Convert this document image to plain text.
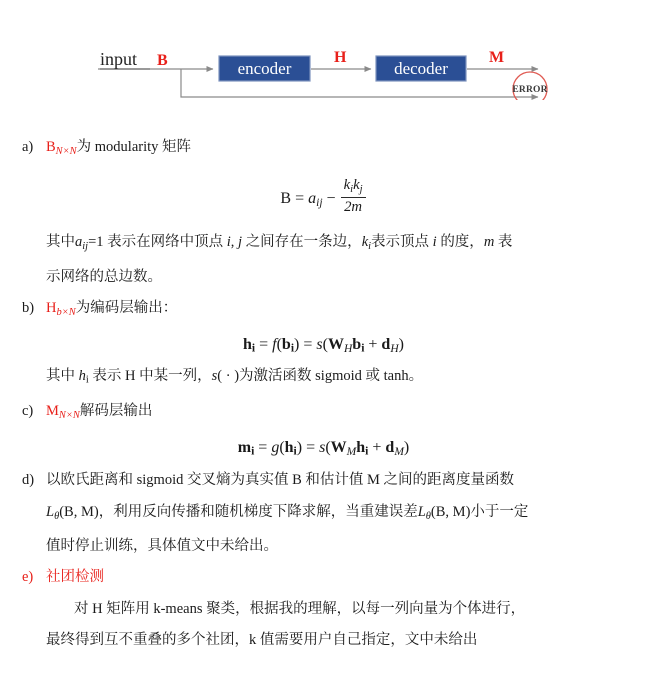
encoder	decoder
ERROR
input B	H	M
a) $B_{N\times N}$为 modularity 矩阵
$B = a_{ij} - \frac{k_ik_j}{2m}$

其中$a_{ij}=1$ 表示在网络中顶点 i, j 之间存在一条边，$k_i$表示顶点 i 的度，m 表
示网络的总边数。

b) $H_{b\times N}$为编码层输出：
hi = $f(bi) = s(W_Hbi + d_H)$

其中 hi 表示 H 中某一列，s( · )为激活函数 sigmoid 或 tanh。

c) $M_{N\times N}$解码层输出
mi = $g(hi) = s(W_Mhi + d_M)$
d) 以欧氏距离和 sigmoid 交叉熵为真实值 B 和估计值 M 之间的距离度量函数

$L_\theta(B$, M)，利用反向传播和随机梯度下降求解，当重建误差$L_\theta(B$, M)小于一定
值时停止训练，具体值文中未给出。

e) 社团检测

对 H 矩阵用 k-means 聚类，根据我的理解，以每一列向量为个体进行，

最终得到互不重叠的多个社团，k 值需要用户自己指定，文中未给出
